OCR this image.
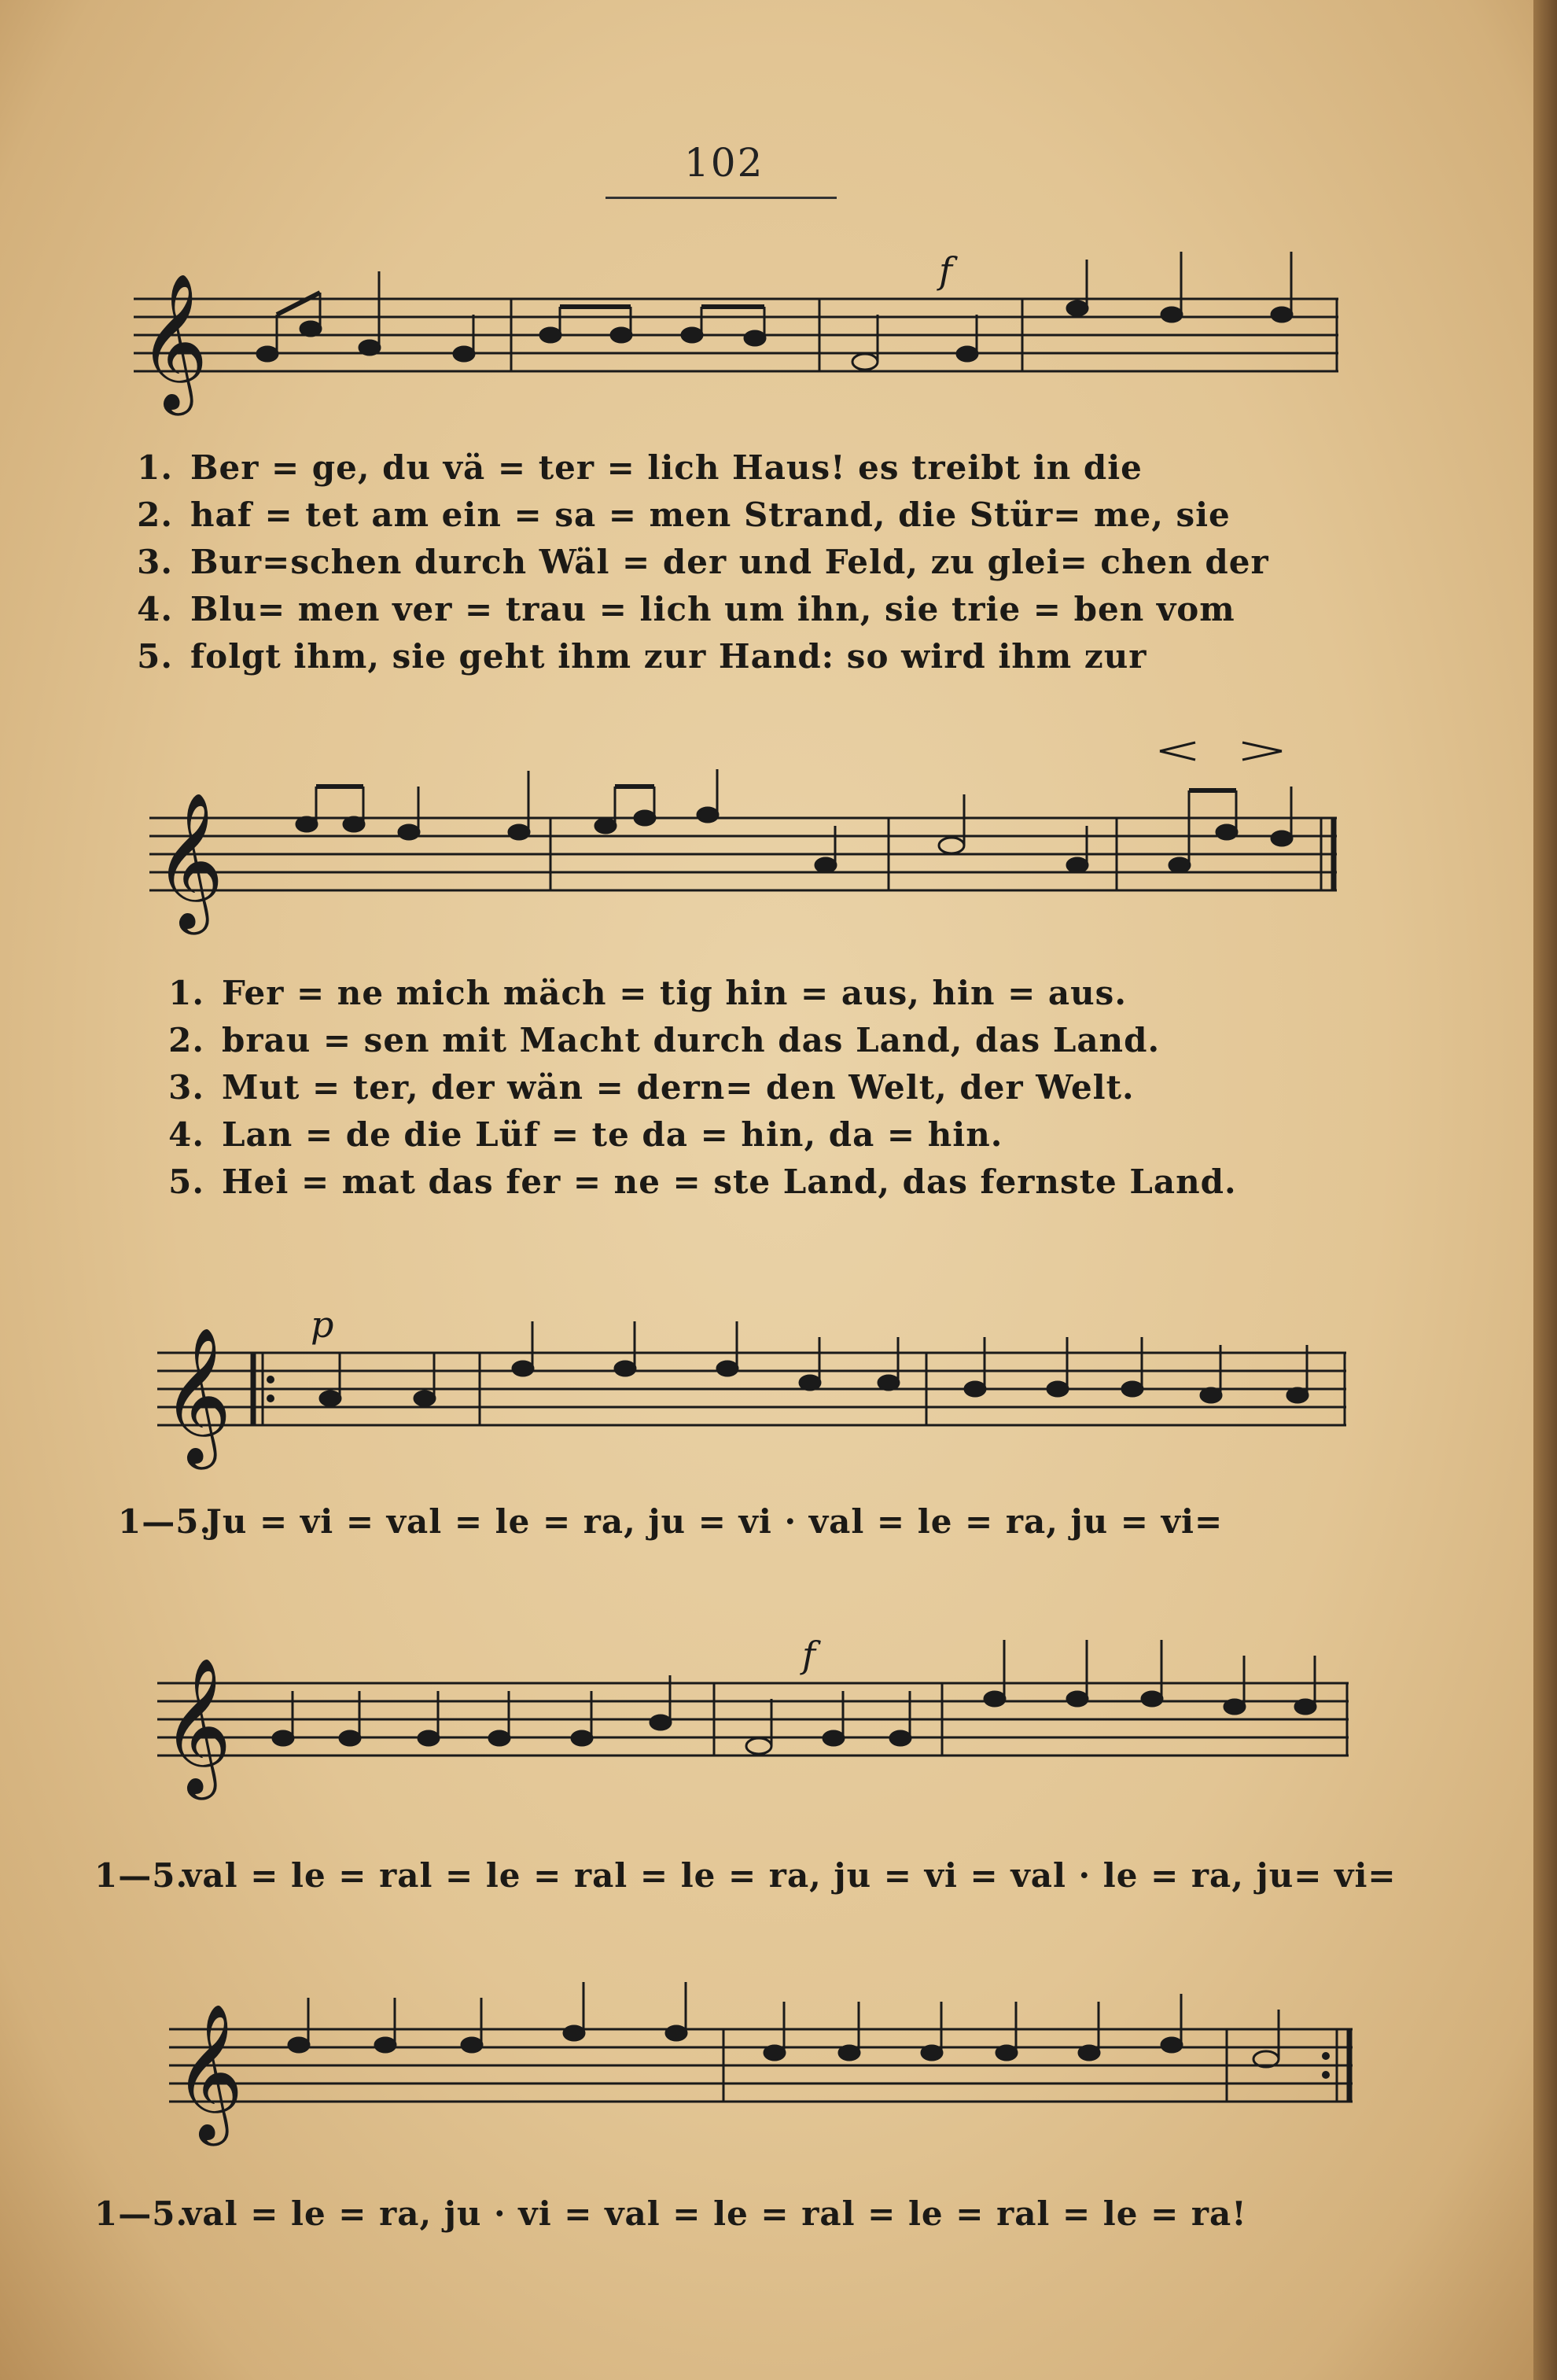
102
𝄞
f
1. Ber = ge, du vä = ter = lich Haus! es treibt in die
2. haf = tet am ein = sa = men Strand, die Stür= me, sie
3. Bur=schen durch Wäl = der und Feld, zu glei= chen der
4. Blu= men ver = trau = lich um ihn, sie trie = ben vom
5. folgt ihm, sie geht ihm zur Hand: so wird ihm zur
𝄞
1. Fer = ne mich mäch = tig hin = aus, hin = aus.
2. brau = sen mit Macht durch das Land, das Land.
3. Mut = ter, der wän = dern= den Welt, der Welt.
4. Lan = de die Lüf = te da = hin, da = hin.
5. Hei = mat das fer = ne = ste Land, das fernste Land.
𝄞
p
1—5.Ju = vi = val = le = ra, ju = vi · val = le = ra, ju = vi=
𝄞
f
1—5.val = le = ral = le = ral = le = ra, ju = vi = val · le = ra, ju= vi=
𝄞
1—5.val = le = ra, ju · vi = val = le = ral = le = ral = le = ra!
